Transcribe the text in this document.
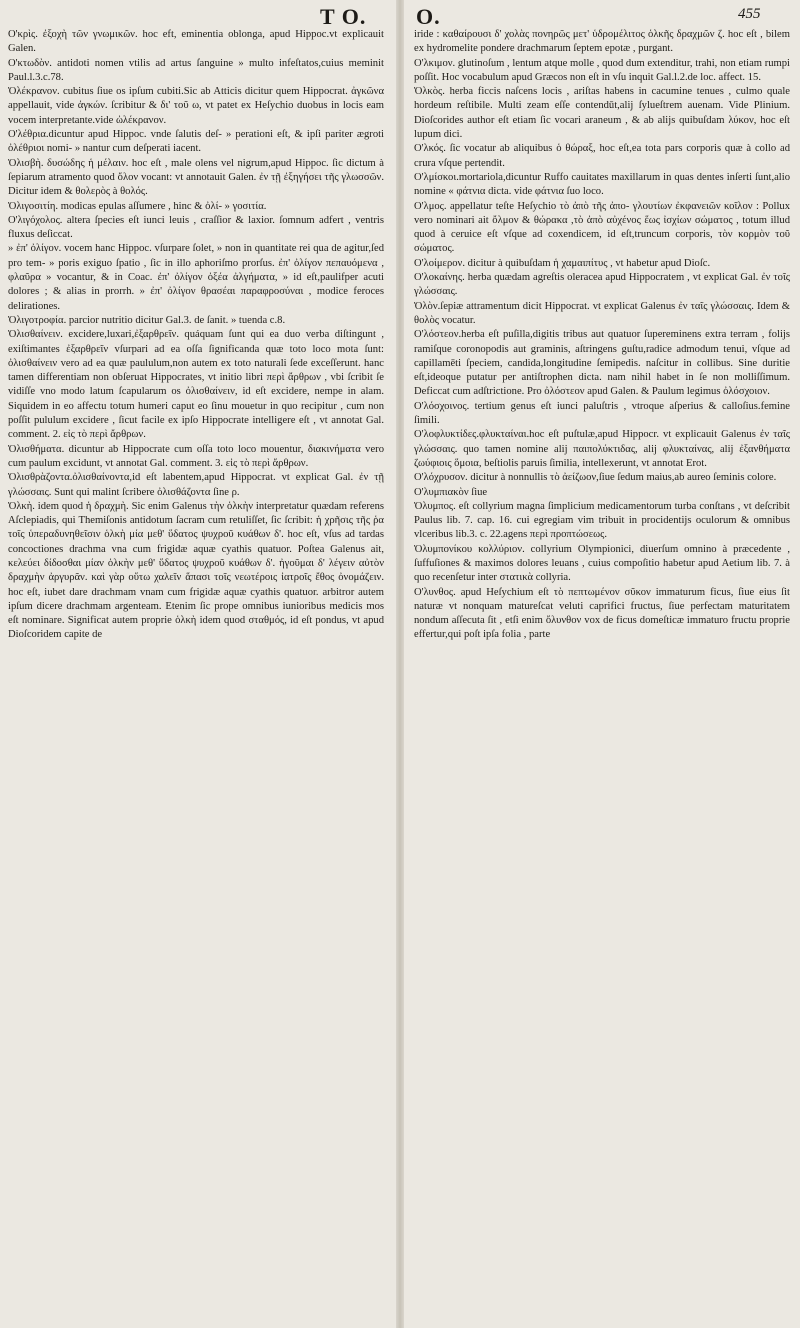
T O. O.	455

O'κρὶς. ἐξοχὴ τῶν γνωμικῶν. hoc eft, eminentia oblonga, apud Hippoc.vt explicauit Galen.

O'κτωδὸν. antidoti nomen vtilis ad artus ſanguine » multo infeſtatos,cuius meminit Paul.l.3.c.78.

Ὀλέκρανον. cubitus ſiue os ipſum cubiti.Sic ab Atticis dicitur quem Hippocrat. ἀγκῶνα appellauit, vide ἀγκών. ſcribitur & δι' τοῦ ω, vt patet ex Heſychio duobus in locis eam vocem interpretante.vide ὠλέκρανον.

O'λέθρια.dicuntur apud Hippoc. vnde ſalutis deſ- » perationi eſt, & ipſi pariter ægroti ὀλέθριοι nomi- » nantur cum deſperati iacent.

Ὀλισβὴ. δυσώδης ἡ μέλαιν. hoc eſt , male olens vel nigrum,apud Hippoc. ſic dictum à ſepiarum atramento quod ὄλον vocant: vt annotauit Galen. ἐν τῇ ἐξηγήσει τῆς γλωσσῶν. Dicitur idem & θολερὸς à θολός.

Ὀλιγοσιτίη. modicas epulas aſſumere , hinc & ὀλί- » γοσιτία.

O'λιγόχολος. altera ſpecies eſt iunci leuis , craſſior & laxior. ſomnum adfert , ventris fluxus deſiccat.

» ἐπ' ὀλίγον. vocem hanc Hippoc. vſurpare ſolet, » non in quantitate rei qua de agitur,ſed pro tem- » poris exiguo ſpatio , ſic in illo aphoriſmo prorſus. ἐπ' ὀλίγον πεπαυόμενα , φλαῦρα » vocantur, & in Coac. ἐπ' ὀλίγον ὀξέα ἀλγήματα, » id eſt,paulifper acuti dolores ; & alias in prorrh. » ἐπ' ὀλίγον θρασέαι παραφροσύναι , modice feroces delirationes.

Ὀλιγοτροφία. parcior nutritio dicitur Gal.3. de ſanit. » tuenda c.8.

Ὀλισθαίνειν. excidere,luxari,ἐξαρθρεῖν. quáquam ſunt qui ea duo verba diſtingunt , exiſtimantes ἐξαρθρεῖν vſurpari ad ea oſſa ſignificanda quæ toto loco mota ſunt: ὀλισθαίνειν vero ad ea quæ paululum,non autem ex toto naturali ſede exceſſerunt. hanc tamen differentiam non obſeruat Hippocrates, vt initio libri περὶ ἄρθρων , vbi ſcribit ſe vidiſſe vno modo latum ſcapularum os ὀλισθαίνειν, id eſt excidere, nempe in alam. Siquidem in eo affectu totum humeri caput eo ſinu mouetur in quo recipitur , cum non poſſit pululum excidere , ſicut facile ex ipſo Hippocrate intelligere eſt , vt annotat Gal. comment. 2. εἰς τὸ περὶ ἄρθρων.

Ὀλισθήματα. dicuntur ab Hippocrate cum oſſa toto loco mouentur, διακινήματα vero cum paulum excidunt, vt annotat Gal. comment. 3. εἰς τὸ περὶ ἄρθρων.

Ὀλισθρὰζοντα.ὀλισθαίνοντα,id eſt labentem,apud Hippocrat. vt explicat Gal. ἐν τῇ γλώσσαις. Sunt qui malint ſcribere ὀλισθάζοντα ſine ρ.

Ὀλκὴ. idem quod ἡ δραχμὴ. Sic enim Galenus τὴν ὁλκὴν interpretatur quædam referens Aſclepiadis, qui Themiſonis antidotum ſacram cum retuliſſet, ſic ſcribit: ἡ χρῆσις τῆς ῥα τοῖς ὑπεραδυνηθεῖσιν ὁλκὴ μία μεθ' ὕδατος ψυχροῦ κυάθων δ'. hoc eſt, vſus ad tardas concoctiones drachma vna cum frigidæ aquæ cyathis quatuor. Poſtea Galenus ait, κελεύει δίδοσθαι μίαν ὁλκὴν μεθ' ὕδατος ψυχροῦ κυάθων δ'. ἠγοῦμαι δ' λέγειν αὐτὸν δραχμὴν ἀργυρᾶν. καὶ γὰρ οὕτω χαλεῖν ἅπασι τοῖς νεωτέροις ἰατροῖς ἔθος ὀνομάζειν. hoc eſt, iubet dare drachmam vnam cum frigidæ aquæ cyathis quatuor. arbitror autem ipſum dicere drachmam argenteam. Etenim ſic prope omnibus iunioribus medicis mos eſt nominare. Significat autem proprie ὁλκὴ idem quod σταθμός, id eſt pondus, vt apud Dioſcoridem capite de

iride : καθαίρουσι δ' χολὰς πονηρῶς μετ' ὑδρομέλιτος ὁλκῆς δραχμῶν ζ. hoc eſt , bilem ex hydromelite pondere drachmarum ſeptem epotæ , purgant.

O'λκιμον. glutinoſum , lentum atque molle , quod dum extenditur, trahi, non etiam rumpi poſſit. Hoc vocabulum apud Græcos non eſt in vſu inquit Gal.l.2.de loc. affect. 15.

Ὀλκὸς. herba ficcis naſcens locis , ariſtas habens in cacumine tenues , culmo quale hordeum reſtibile. Multi zeam eſſe contendūt,alij ſylueſtrem auenam. Vide Plinium. Dioſcorides author eſt etiam ſic vocari araneum , & ab alijs quibuſdam λύκον, hoc eſt lupum dici.

O'λκός. ſic vocatur ab aliquibus ὁ θώραξ, hoc eſt,ea tota pars corporis quæ à collo ad crura vſque pertendit.

O'λμίσκοι.mortariola,dicuntur Ruffo cauitates maxillarum in quas dentes inſerti ſunt,alio nomine « φάτνια dicta. vide φάτνια ſuo loco.

O'λμος. appellatur teſte Heſychio τὸ ἀπὸ τῆς ἀπο- γλουτίων ἐκφανειῶν κοῖλον : Pollux vero nominari ait ὄλμον & θώρακα ,τὸ ἀπὸ αὐχένος ἕως ἰσχίων σώματος , totum illud quod à ceruice eſt vſque ad coxendicem, id eſt,truncum corporis, τὸν κορμὸν τοῦ σώματος.

O'λοίμερον. dicitur à quibuſdam ἡ χαμαιπίτυς , vt habetur apud Dioſc.

O'λοκαίνης. herba quædam agreſtis oleracea apud Hippocratem , vt explicat Gal. ἐν τοῖς γλώσσαις.

Ὀλὸν.ſepiæ attramentum dicit Hippocrat. vt explicat Galenus ἐν ταῖς γλώσσαις. Idem & θολὸς vocatur.

O'λόστεον.herba eſt puſilla,digitis tribus aut quatuor ſupereminens extra terram , folijs ramiſque coronopodis aut graminis, aſtringens guſtu,radice admodum tenui, vſque ad capillamēti ſpeciem, candida,longitudine ſemipedis. naſcitur in collibus. Sine duritie eſt,ideoque putatur per antiſtrophen dicta. nam nihil habet in ſe non molliſſimum. Deficcat cum adſtrictione. Pro ὀλόστεον apud Galen. & Paulum legimus ὀλόσχοιον.

O'λόσχοινος. tertium genus eſt iunci paluſtris , vtroque aſperius & calloſius.femine ſimili.

O'λοφλυκτίδες.φλυκταίναι.hoc eſt puſtulæ,apud Hippocr. vt explicauit Galenus ἐν ταῖς γλώσσαις. quo tamen nomine alij παιπολύκτιδας, alij φλυκταίνας, alij ἐξανθήματα ζωύφιοις ὅμοια, beſtiolis paruis ſimilia, intellexerunt, vt annotat Erot.

O'λόχρυσον. dicitur à nonnullis τὸ ἀείζωον,ſiue ſedum maius,ab aureo ſeminis colore.

O'λυμπιακὸν ſiue

Ὀλυμπος. eſt collyrium magna ſimplicium medicamentorum turba conſtans , vt deſcribit Paulus lib. 7. cap. 16. cui egregiam vim tribuit in procidentijs oculorum & omnibus vlceribus lib.3. c. 22.agens περὶ προπτώσεως.

Ὀλυμπονίκου κολλύριον. collyrium Olympionici, diuerſum omnino à præcedente , ſuffuſiones & maximos dolores leuans , cuius compoſitio habetur apud Aetium lib. 7. à quo recenſetur inter στατικὰ collyria.

O'λυνθος. apud Heſychium eſt τὸ πεπτωμένον σῦκον immaturum ficus, ſiue eius ſit naturæ vt nonquam matureſcat veluti caprifici fructus, ſiue perfectam maturitatem nondum aſſecuta ſit , etſi enim ὄλυνθον vox de ficus domeſticæ immaturo fructu proprie effertur,qui poſt ipſa folia , parte
